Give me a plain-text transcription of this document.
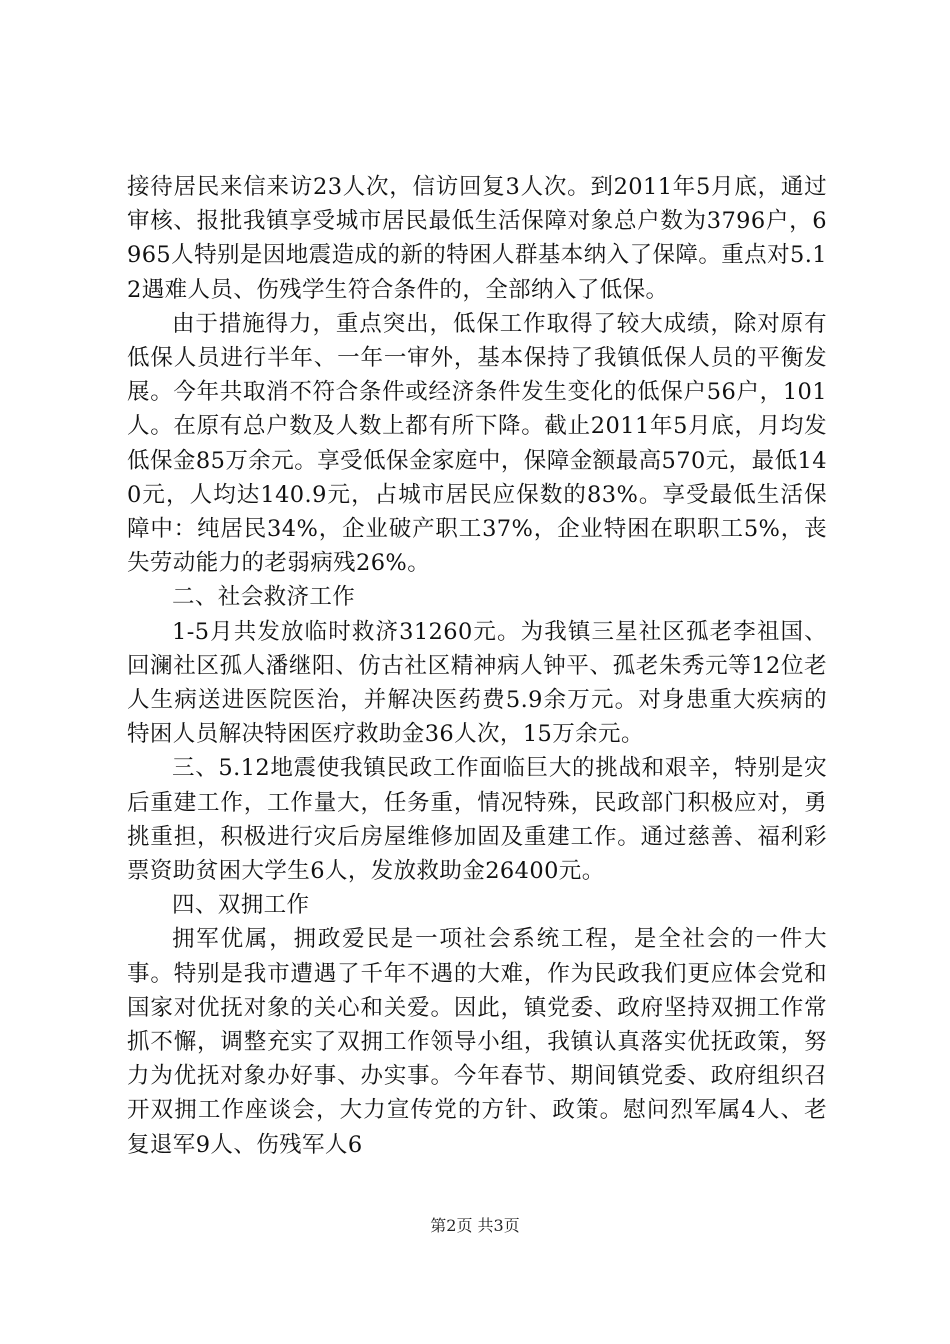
接待居民来信来访23人次，信访回复3人次。到2011年5月底，通过审核、报批我镇享受城市居民最低生活保障对象总户数为3796户，6965人特别是因地震造成的新的特困人群基本纳入了保障。重点对5.12遇难人员、伤残学生符合条件的，全部纳入了低保。

由于措施得力，重点突出，低保工作取得了较大成绩，除对原有低保人员进行半年、一年一审外，基本保持了我镇低保人员的平衡发展。今年共取消不符合条件或经济条件发生变化的低保户56户，101人。在原有总户数及人数上都有所下降。截止2011年5月底，月均发低保金85万余元。享受低保金家庭中，保障金额最高570元，最低140元，人均达140.9元，占城市居民应保数的83%。享受最低生活保障中：纯居民34%，企业破产职工37%，企业特困在职职工5%，丧失劳动能力的老弱病残26%。

二、社会救济工作

1-5月共发放临时救济31260元。为我镇三星社区孤老李祖国、回澜社区孤人潘继阳、仿古社区精神病人钟平、孤老朱秀元等12位老人生病送进医院医治，并解决医药费5.9余万元。对身患重大疾病的特困人员解决特困医疗救助金36人次，15万余元。

三、5.12地震使我镇民政工作面临巨大的挑战和艰辛，特别是灾后重建工作，工作量大，任务重，情况特殊，民政部门积极应对，勇挑重担，积极进行灾后房屋维修加固及重建工作。通过慈善、福利彩票资助贫困大学生6人，发放救助金26400元。

四、双拥工作

拥军优属，拥政爱民是一项社会系统工程，是全社会的一件大事。特别是我市遭遇了千年不遇的大难，作为民政我们更应体会党和国家对优抚对象的关心和关爱。因此，镇党委、政府坚持双拥工作常抓不懈，调整充实了双拥工作领导小组，我镇认真落实优抚政策，努力为优抚对象办好事、办实事。今年春节、期间镇党委、政府组织召开双拥工作座谈会，大力宣传党的方针、政策。慰问烈军属4人、老复退军9人、伤残军人6

第2页 共3页
